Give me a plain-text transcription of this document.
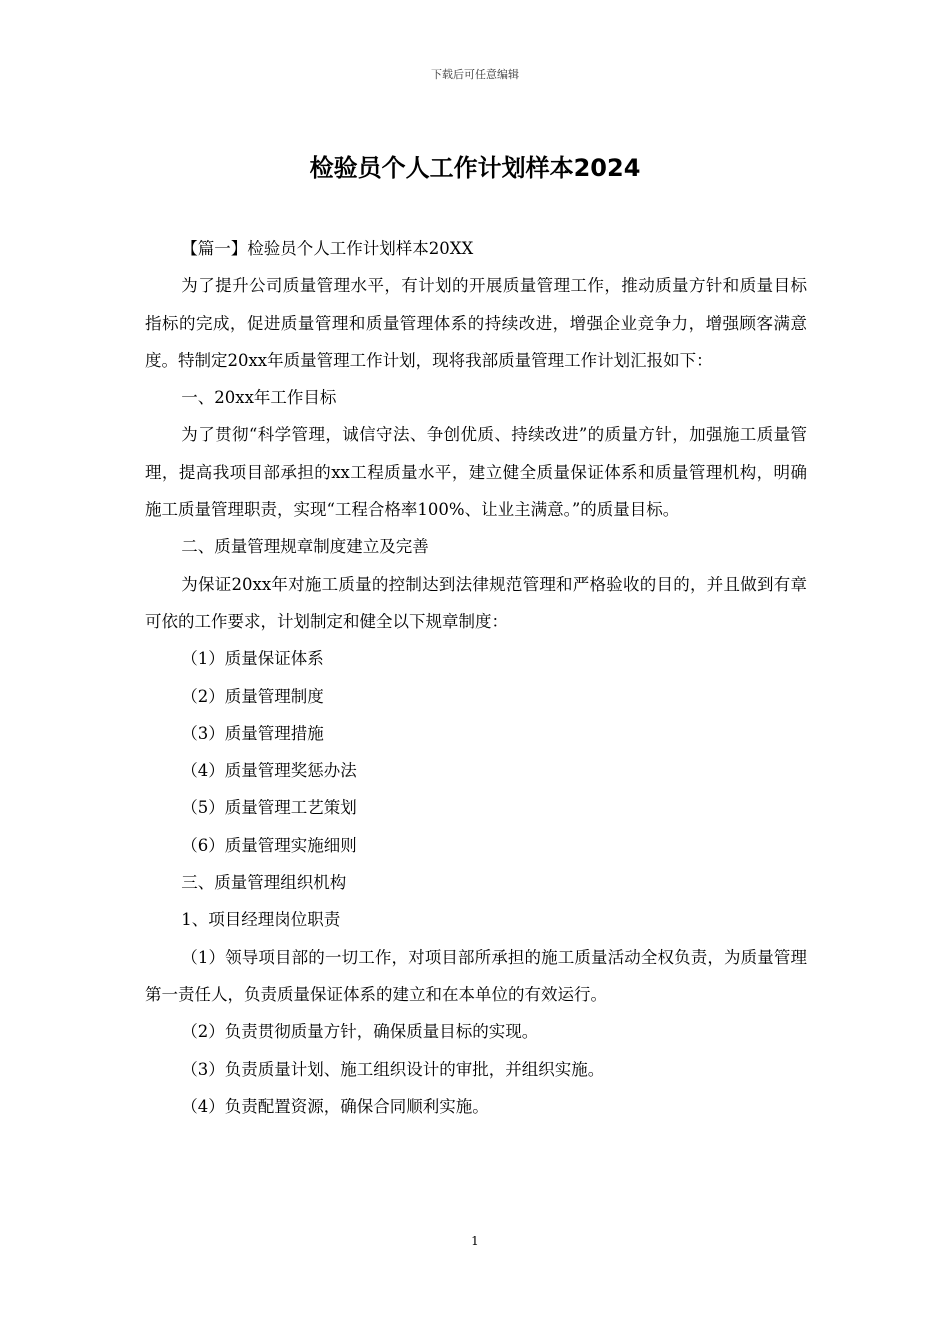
下载后可任意编辑
检验员个人工作计划样本2024

【篇一】检验员个人工作计划样本20XX

为了提升公司质量管理水平，有计划的开展质量管理工作，推动质量方针和质量目标指标的完成，促进质量管理和质量管理体系的持续改进，增强企业竞争力，增强顾客满意度。特制定20xx年质量管理工作计划，现将我部质量管理工作计划汇报如下：

一、20xx年工作目标

为了贯彻“科学管理，诚信守法、争创优质、持续改进”的质量方针，加强施工质量管理，提高我项目部承担的xx工程质量水平，建立健全质量保证体系和质量管理机构，明确施工质量管理职责，实现“工程合格率100%、让业主满意。”的质量目标。

二、质量管理规章制度建立及完善

为保证20xx年对施工质量的控制达到法律规范管理和严格验收的目的，并且做到有章可依的工作要求，计划制定和健全以下规章制度：

（1）质量保证体系

（2）质量管理制度

（3）质量管理措施

（4）质量管理奖惩办法

（5）质量管理工艺策划

（6）质量管理实施细则

三、质量管理组织机构

1、项目经理岗位职责

（1）领导项目部的一切工作，对项目部所承担的施工质量活动全权负责，为质量管理第一责任人，负责质量保证体系的建立和在本单位的有效运行。

（2）负责贯彻质量方针，确保质量目标的实现。

（3）负责质量计划、施工组织设计的审批，并组织实施。

（4）负责配置资源，确保合同顺利实施。

1
